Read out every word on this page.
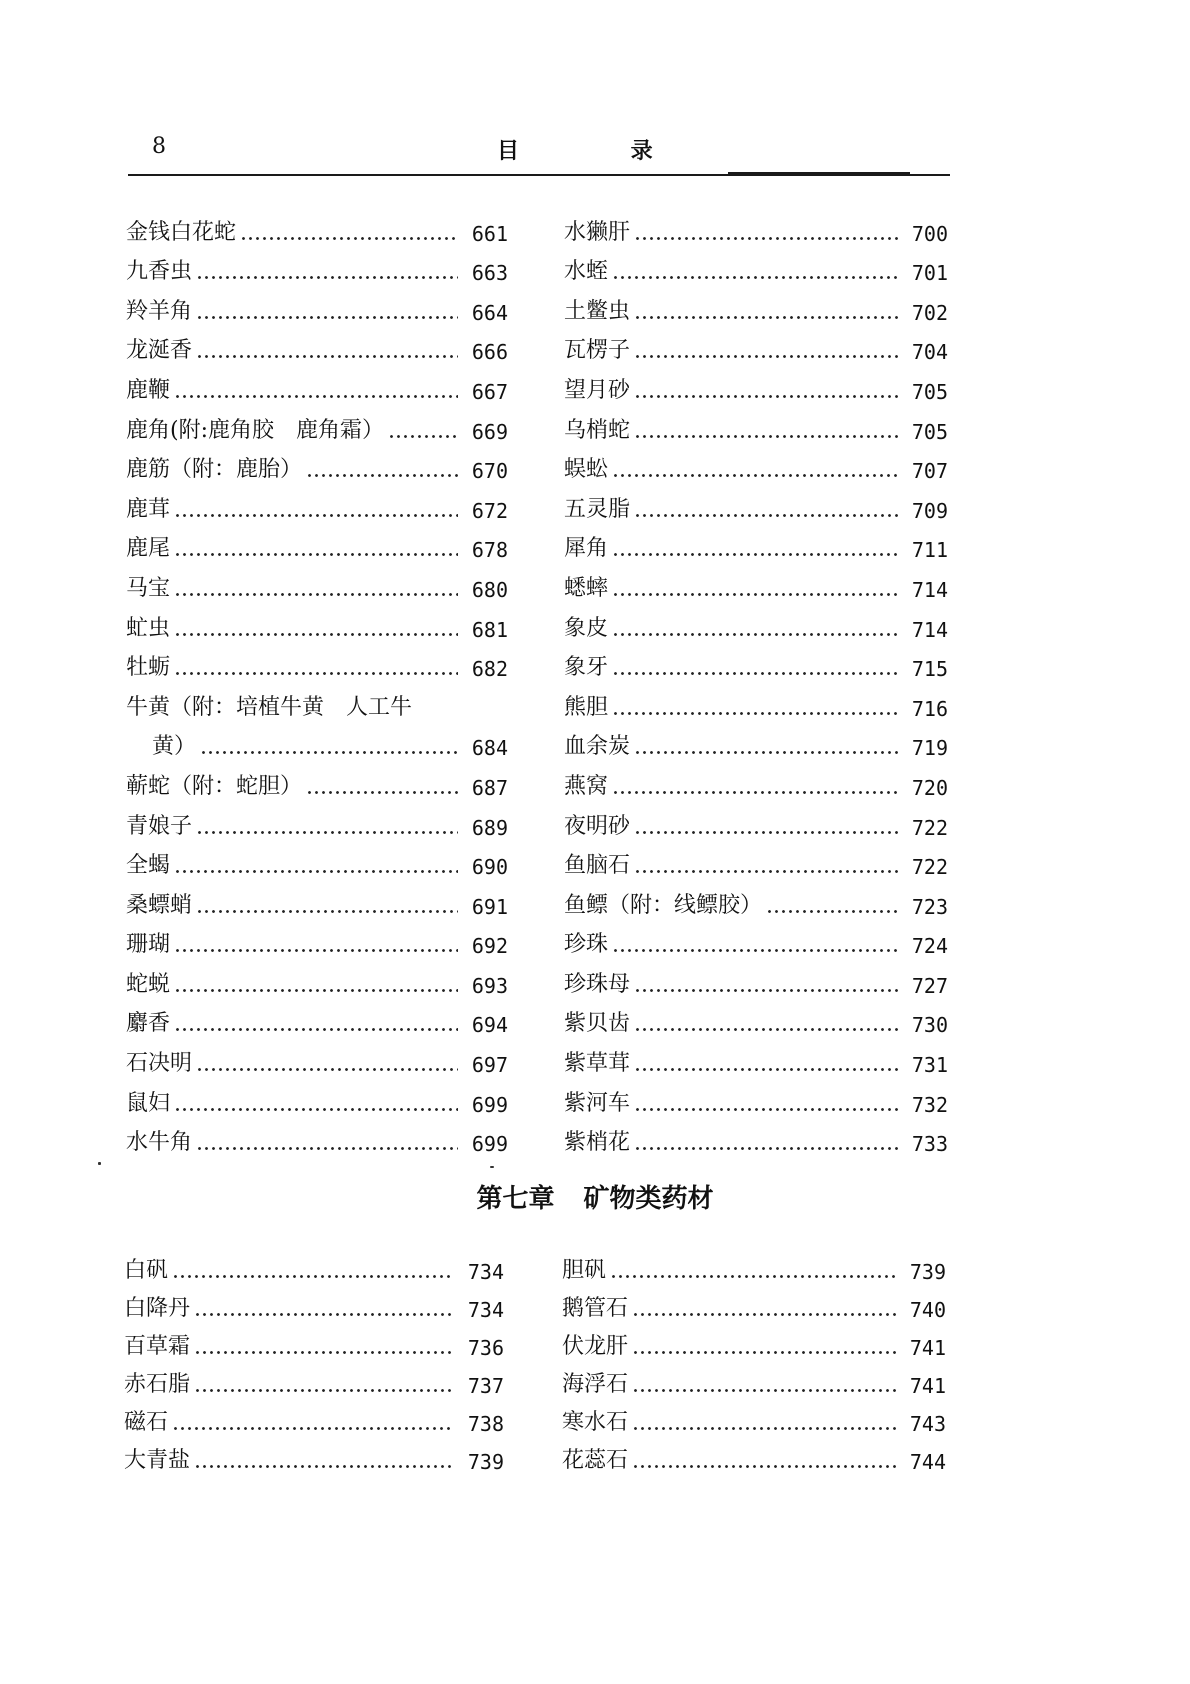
8	目 录
金钱白花蛇	661
九香虫	663
羚羊角	664
龙涎香	666
鹿鞭	667
鹿角(附:鹿角胶　鹿角霜）	669
鹿筋（附：鹿胎）	670
鹿茸	672
鹿尾	678
马宝	680
虻虫	681
牡蛎	682
牛黄（附：培植牛黄　人工牛
黄）	684
蕲蛇（附：蛇胆）	687
青娘子	689
全蝎	690
桑螵蛸	691
珊瑚	692
蛇蜕	693
麝香	694
石决明	697
鼠妇	699
水牛角	699
水獭肝	700
水蛭	701
土鳖虫	702
瓦楞子	704
望月砂	705
乌梢蛇	705
蜈蚣	707
五灵脂	709
犀角	711
蟋蟀	714
象皮	714
象牙	715
熊胆	716
血余炭	719
燕窝	720
夜明砂	722
鱼脑石	722
鱼鳔（附：线鳔胶）	723
珍珠	724
珍珠母	727
紫贝齿	730
紫草茸	731
紫河车	732
紫梢花	733
第七章 矿物类药材
白矾	734
白降丹	734
百草霜	736
赤石脂	737
磁石	738
大青盐	739
胆矾	739
鹅管石	740
伏龙肝	741
海浮石	741
寒水石	743
花蕊石	744
